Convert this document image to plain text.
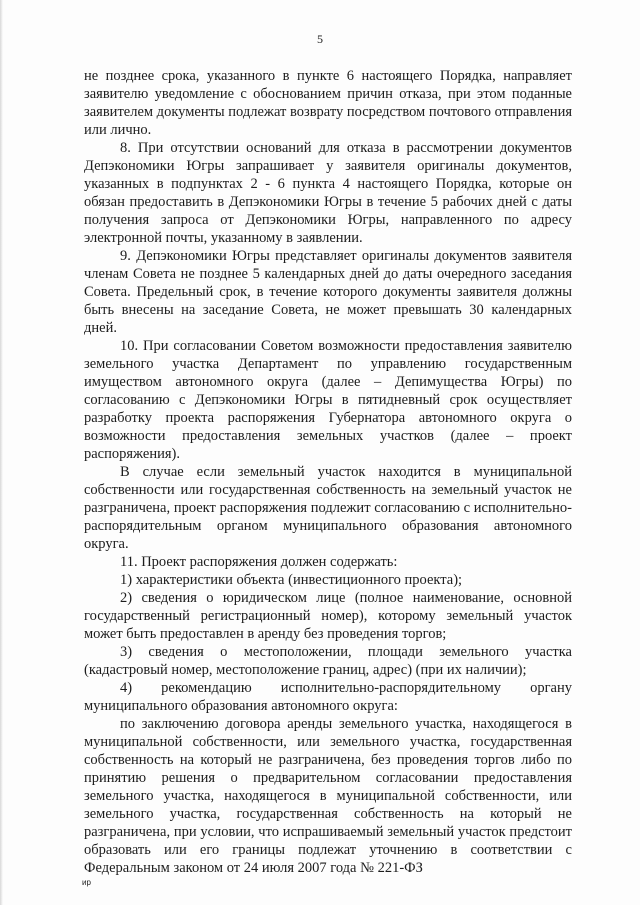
5

не позднее срока, указанного в пункте 6 настоящего Порядка, направляет заявителю уведомление с обоснованием причин отказа, при этом поданные заявителем документы подлежат возврату посредством почтового отправления или лично.

8. При отсутствии оснований для отказа в рассмотрении документов Депэкономики Югры запрашивает у заявителя оригиналы документов, указанных в подпунктах 2 - 6 пункта 4 настоящего Порядка, которые он обязан предоставить в Депэкономики Югры в течение 5 рабочих дней с даты получения запроса от Депэкономики Югры, направленного по адресу электронной почты, указанному в заявлении.

9. Депэкономики Югры представляет оригиналы документов заявителя членам Совета не позднее 5 календарных дней до даты очередного заседания Совета. Предельный срок, в течение которого документы заявителя должны быть внесены на заседание Совета, не может превышать 30 календарных дней.

10. При согласовании Советом возможности предоставления заявителю земельного участка Департамент по управлению государственным имуществом автономного округа (далее – Депимущества Югры) по согласованию с Депэкономики Югры в пятидневный срок осуществляет разработку проекта распоряжения Губернатора автономного округа о возможности предоставления земельных участков (далее – проект распоряжения).

В случае если земельный участок находится в муниципальной собственности или государственная собственность на земельный участок не разграничена, проект распоряжения подлежит согласованию с исполнительно-распорядительным органом муниципального образования автономного округа.

11. Проект распоряжения должен содержать:

1) характеристики объекта (инвестиционного проекта);

2) сведения о юридическом лице (полное наименование, основной государственный регистрационный номер), которому земельный участок может быть предоставлен в аренду без проведения торгов;

3) сведения о местоположении, площади земельного участка (кадастровый номер, местоположение границ, адрес) (при их наличии);

4) рекомендацию исполнительно-распорядительному органу муниципального образования автономного округа:

по заключению договора аренды земельного участка, находящегося в муниципальной собственности, или земельного участка, государственная собственность на который не разграничена, без проведения торгов либо по принятию решения о предварительном согласовании предоставления земельного участка, находящегося в муниципальной собственности, или земельного участка, государственная собственность на который не разграничена, при условии, что испрашиваемый земельный участок предстоит образовать или его границы подлежат уточнению в соответствии с Федеральным законом от 24 июля 2007 года № 221-ФЗ

ир
